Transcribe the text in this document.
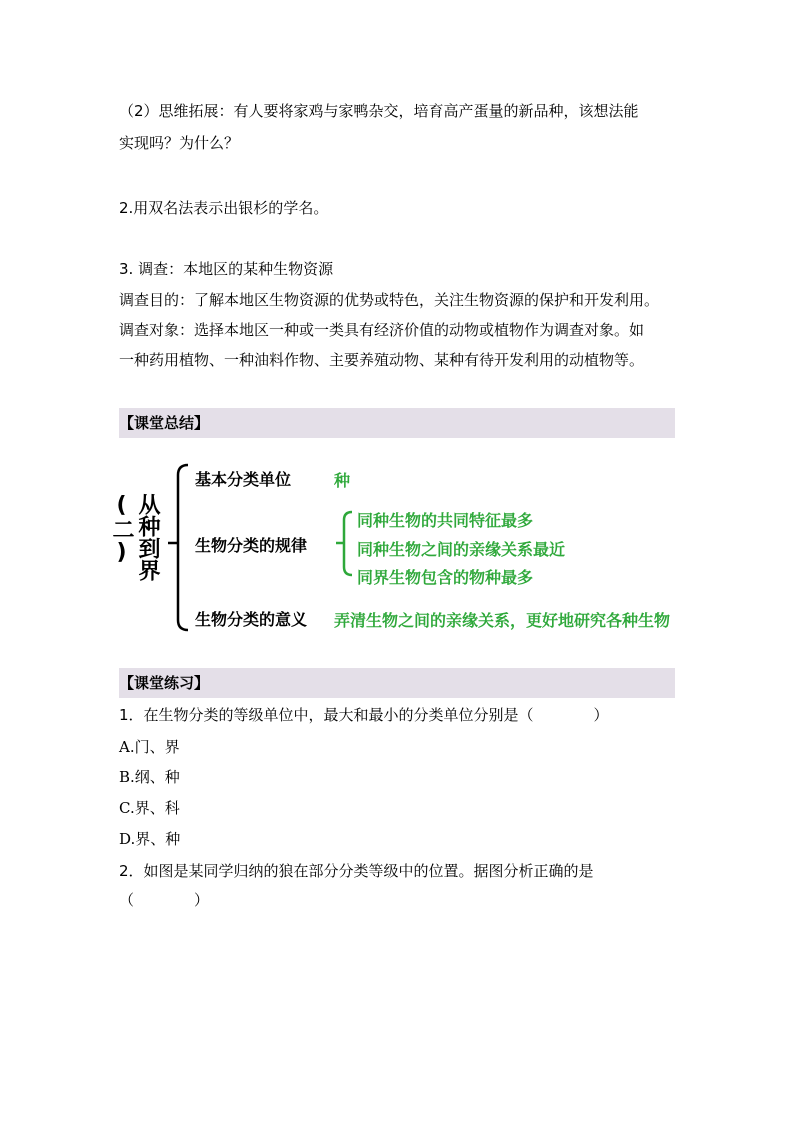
（2）思维拓展：有人要将家鸡与家鸭杂交，培育高产蛋量的新品种，该想法能
实现吗？为什么？
2.用双名法表示出银杉的学名。
3. 调查：本地区的某种生物资源
调查目的：了解本地区生物资源的优势或特色，关注生物资源的保护和开发利用。
调查对象：选择本地区一种或一类具有经济价值的动物或植物作为调查对象。如
一种药用植物、一种油料作物、主要养殖动物、某种有待开发利用的动植物等。
【课堂总结】
从种到界(二)
基本分类单位	种
生物分类的规律
同种生物的共同特征最多
同种生物之间的亲缘关系最近
同界生物包含的物种最多
生物分类的意义 弄清生物之间的亲缘关系，更好地研究各种生物
【课堂练习】
1．在生物分类的等级单位中，最大和最小的分类单位分别是（　　　　）
A.门、界
B.纲、种
C.界、科
D.界、种
2．如图是某同学归纳的狼在部分分类等级中的位置。据图分析正确的是
（　　　　）
